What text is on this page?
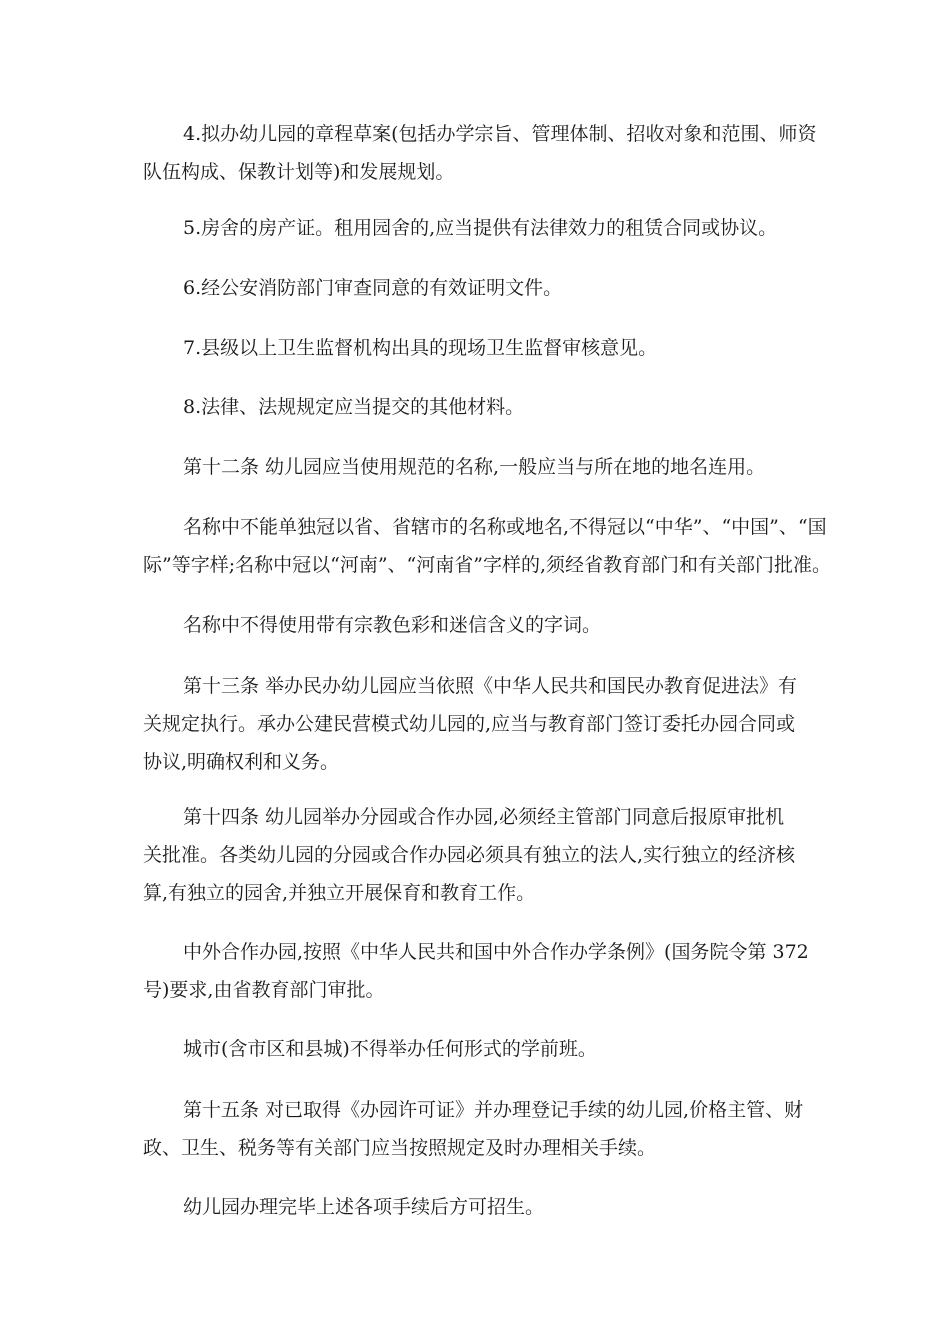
4.拟办幼儿园的章程草案(包括办学宗旨、管理体制、招收对象和范围、师资
队伍构成、保教计划等)和发展规划。

5.房舍的房产证。租用园舍的,应当提供有法律效力的租赁合同或协议。

6.经公安消防部门审查同意的有效证明文件。

7.县级以上卫生监督机构出具的现场卫生监督审核意见。

8.法律、法规规定应当提交的其他材料。

第十二条 幼儿园应当使用规范的名称,一般应当与所在地的地名连用。

名称中不能单独冠以省、省辖市的名称或地名,不得冠以“中华”、“中国”、“国
际”等字样;名称中冠以“河南”、“河南省”字样的,须经省教育部门和有关部门批准。

名称中不得使用带有宗教色彩和迷信含义的字词。

第十三条 举办民办幼儿园应当依照《中华人民共和国民办教育促进法》有
关规定执行。承办公建民营模式幼儿园的,应当与教育部门签订委托办园合同或
协议,明确权利和义务。

第十四条 幼儿园举办分园或合作办园,必须经主管部门同意后报原审批机
关批准。各类幼儿园的分园或合作办园必须具有独立的法人,实行独立的经济核
算,有独立的园舍,并独立开展保育和教育工作。

中外合作办园,按照《中华人民共和国中外合作办学条例》(国务院令第 372
号)要求,由省教育部门审批。

城市(含市区和县城)不得举办任何形式的学前班。

第十五条 对已取得《办园许可证》并办理登记手续的幼儿园,价格主管、财
政、卫生、税务等有关部门应当按照规定及时办理相关手续。

幼儿园办理完毕上述各项手续后方可招生。
